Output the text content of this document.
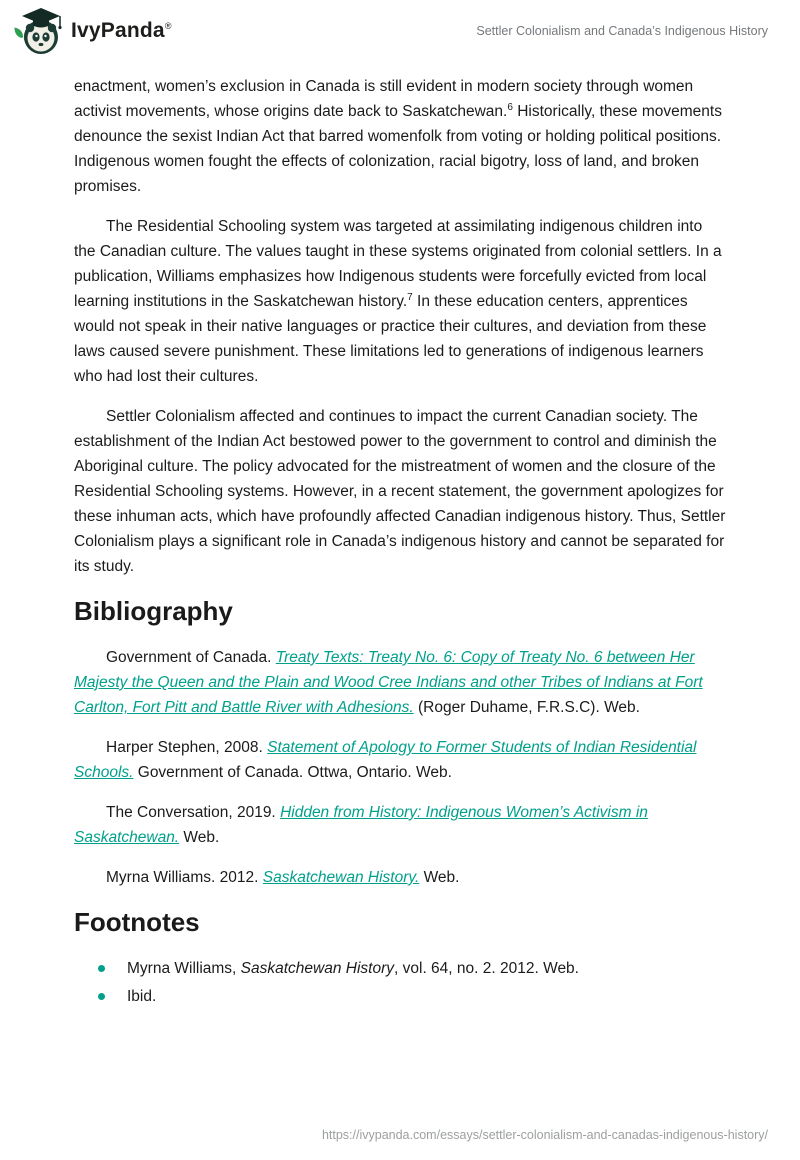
IvyPanda®	Settler Colonialism and Canada’s Indigenous History

enactment, women’s exclusion in Canada is still evident in modern society through women activist movements, whose origins date back to Saskatchewan.$^6$ Historically, these movements denounce the sexist Indian Act that barred womenfolk from voting or holding political positions. Indigenous women fought the effects of colonization, racial bigotry, loss of land, and broken promises.

The Residential Schooling system was targeted at assimilating indigenous children into the Canadian culture. The values taught in these systems originated from colonial settlers. In a publication, Williams emphasizes how Indigenous students were forcefully evicted from local learning institutions in the Saskatchewan history.$^7$ In these education centers, apprentices would not speak in their native languages or practice their cultures, and deviation from these laws caused severe punishment. These limitations led to generations of indigenous learners who had lost their cultures.

Settler Colonialism affected and continues to impact the current Canadian society. The establishment of the Indian Act bestowed power to the government to control and diminish the Aboriginal culture. The policy advocated for the mistreatment of women and the closure of the Residential Schooling systems. However, in a recent statement, the government apologizes for these inhuman acts, which have profoundly affected Canadian indigenous history. Thus, Settler Colonialism plays a significant role in Canada’s indigenous history and cannot be separated for its study.

Bibliography

Government of Canada. Treaty Texts: Treaty No. 6: Copy of Treaty No. 6 between Her Majesty the Queen and the Plain and Wood Cree Indians and other Tribes of Indians at Fort Carlton, Fort Pitt and Battle River with Adhesions. (Roger Duhame, F.R.S.C). Web.

Harper Stephen, 2008. Statement of Apology to Former Students of Indian Residential Schools. Government of Canada. Ottwa, Ontario. Web.

The Conversation, 2019. Hidden from History: Indigenous Women’s Activism in Saskatchewan. Web.

Myrna Williams. 2012. Saskatchewan History. Web.

Footnotes
Myrna Williams, Saskatchewan History, vol. 64, no. 2. 2012. Web.
Ibid.
https://ivypanda.com/essays/settler-colonialism-and-canadas-indigenous-history/
